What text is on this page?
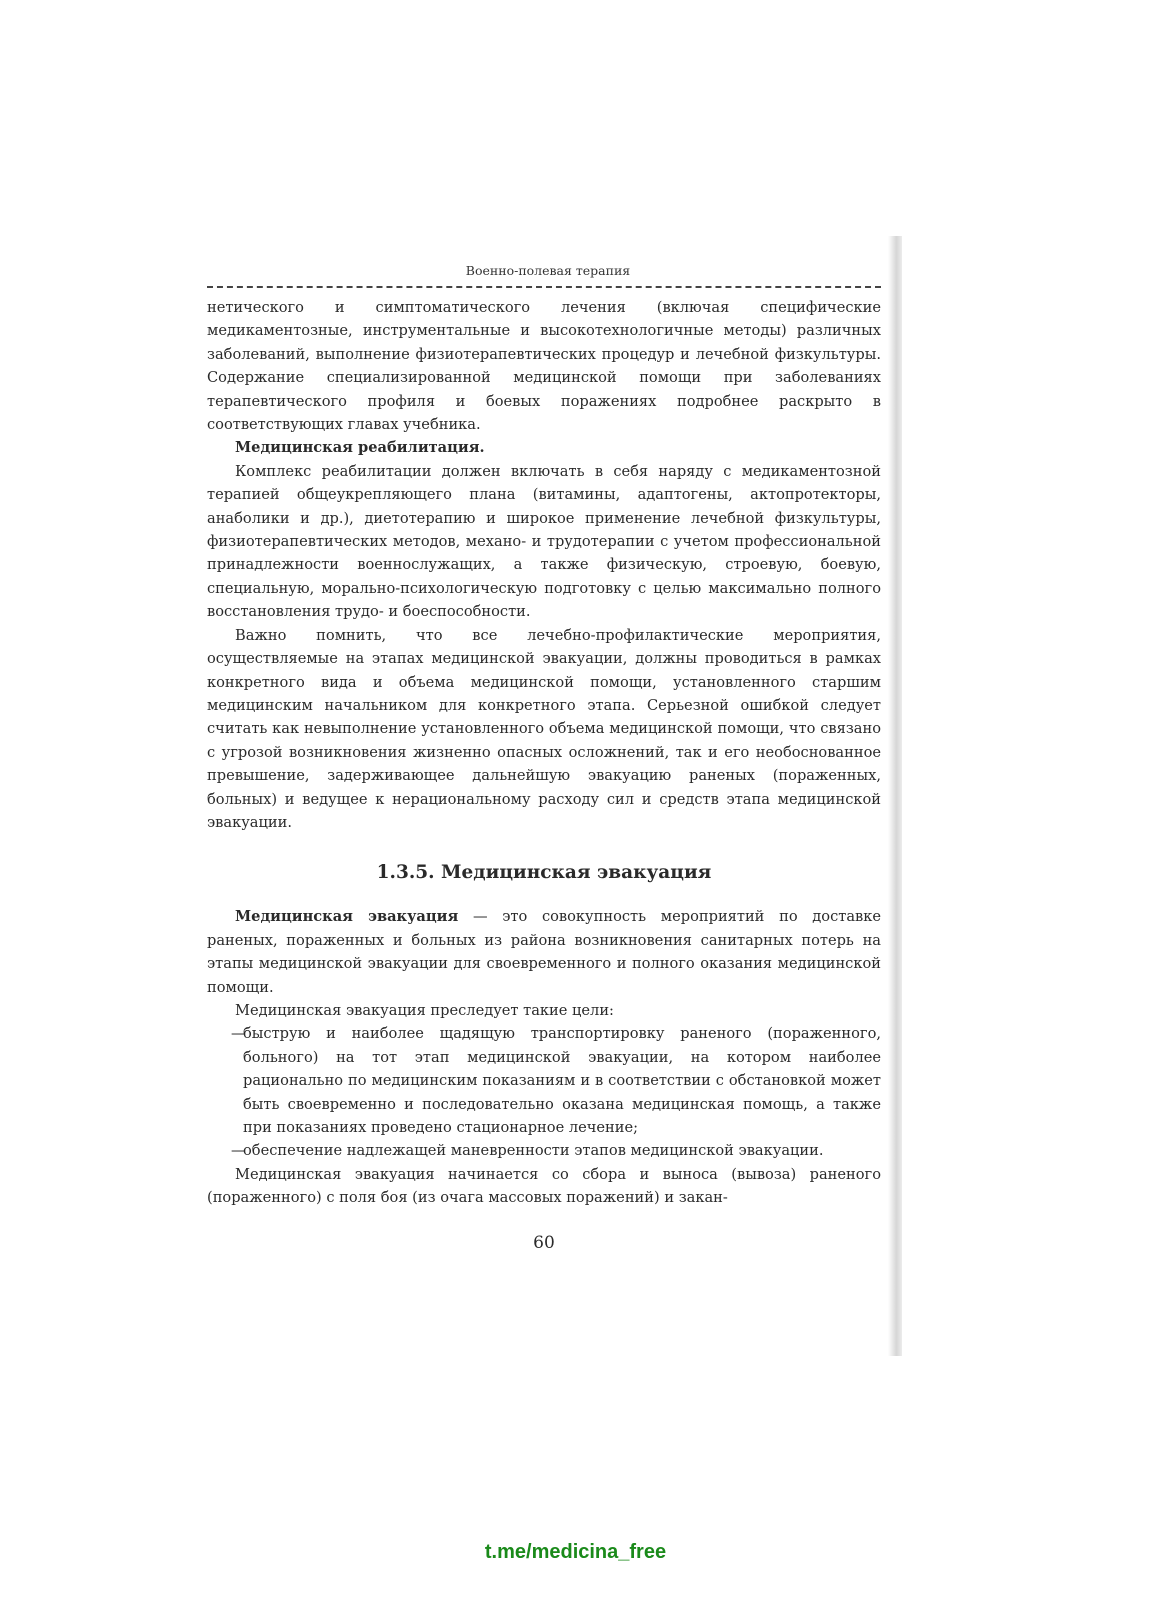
Военно-полевая терапия

нетического и симптоматического лечения (включая специфические медикаментозные, инструментальные и высокотехнологичные методы) различных заболеваний, выполнение физиотерапевтических процедур и лечебной физкультуры. Содержание специализированной медицинской помощи при заболеваниях терапевтического профиля и боевых поражениях подробнее раскрыто в соответствующих главах учебника.

Медицинская реабилитация.

Комплекс реабилитации должен включать в себя наряду с медикаментозной терапией общеукрепляющего плана (витамины, адаптогены, актопротекторы, анаболики и др.), диетотерапию и широкое применение лечебной физкультуры, физиотерапевтических методов, механо- и трудотерапии с учетом профессиональной принадлежности военнослужащих, а также физическую, строевую, боевую, специальную, морально-психологическую подготовку с целью максимально полного восстановления трудо- и боеспособности.

Важно помнить, что все лечебно-профилактические мероприятия, осуществляемые на этапах медицинской эвакуации, должны проводиться в рамках конкретного вида и объема медицинской помощи, установленного старшим медицинским начальником для конкретного этапа. Серьезной ошибкой следует считать как невыполнение установленного объема медицинской помощи, что связано с угрозой возникновения жизненно опасных осложнений, так и его необоснованное превышение, задерживающее дальнейшую эвакуацию раненых (пораженных, больных) и ведущее к нерациональному расходу сил и средств этапа медицинской эвакуации.

1.3.5. Медицинская эвакуация

Медицинская эвакуация — это совокупность мероприятий по доставке раненых, пораженных и больных из района возникновения санитарных потерь на этапы медицинской эвакуации для своевременного и полного оказания медицинской помощи.

Медицинская эвакуация преследует такие цели:

—
быструю и наиболее щадящую транспортировку раненого (пораженного, больного) на тот этап медицинской эвакуации, на котором наиболее рационально по медицинским показаниям и в соответствии с обстановкой может быть своевременно и последовательно оказана медицинская помощь, а также при показаниях проведено стационарное лечение;
—
обеспечение надлежащей маневренности этапов медицинской эвакуации.

Медицинская эвакуация начинается со сбора и выноса (вывоза) раненого (пораженного) с поля боя (из очага массовых поражений) и закан-

60
t.me/medicina_free
